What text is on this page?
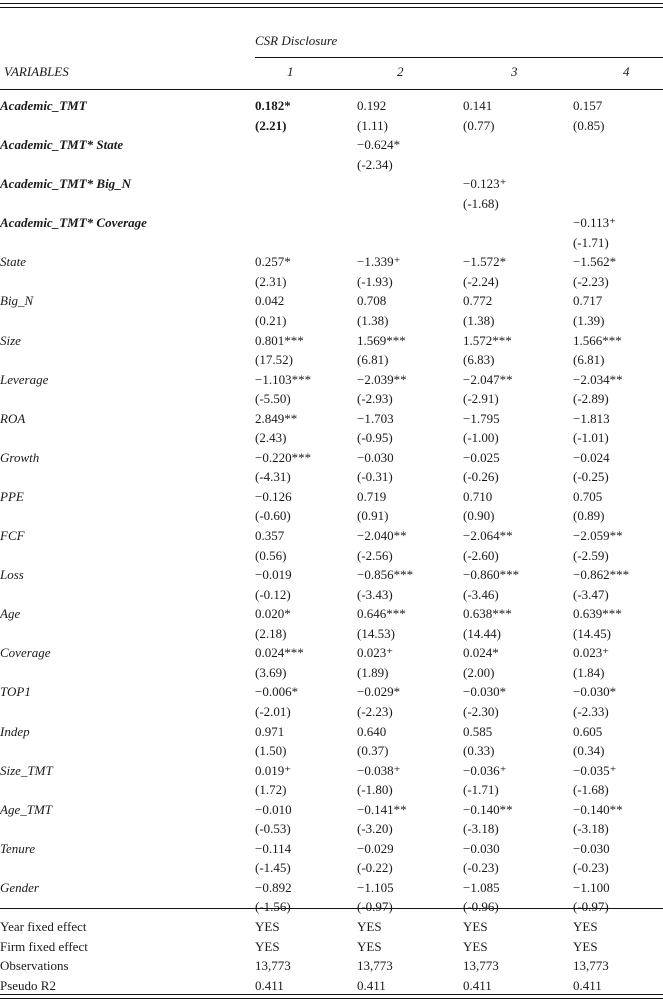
CSR Disclosure
VARIABLES	1	2	3	4
Academic_TMT	0.182*	0.192	0.141	0.157
	(2.21)	(1.11)	(0.77)	(0.85)
Academic_TMT* State		−0.624*		
		(-2.34)		
Academic_TMT* Big_N			−0.123⁺	
			(-1.68)	
Academic_TMT* Coverage				−0.113⁺
				(-1.71)
State	0.257*	−1.339⁺	−1.572*	−1.562*
	(2.31)	(-1.93)	(-2.24)	(-2.23)
Big_N	0.042	0.708	0.772	0.717
	(0.21)	(1.38)	(1.38)	(1.39)
Size	0.801***	1.569***	1.572***	1.566***
	(17.52)	(6.81)	(6.83)	(6.81)
Leverage	−1.103***	−2.039**	−2.047**	−2.034**
	(-5.50)	(-2.93)	(-2.91)	(-2.89)
ROA	2.849**	−1.703	−1.795	−1.813
	(2.43)	(-0.95)	(-1.00)	(-1.01)
Growth	−0.220***	−0.030	−0.025	−0.024
	(-4.31)	(-0.31)	(-0.26)	(-0.25)
PPE	−0.126	0.719	0.710	0.705
	(-0.60)	(0.91)	(0.90)	(0.89)
FCF	0.357	−2.040**	−2.064**	−2.059**
	(0.56)	(-2.56)	(-2.60)	(-2.59)
Loss	−0.019	−0.856***	−0.860***	−0.862***
	(-0.12)	(-3.43)	(-3.46)	(-3.47)
Age	0.020*	0.646***	0.638***	0.639***
	(2.18)	(14.53)	(14.44)	(14.45)
Coverage	0.024***	0.023⁺	0.024*	0.023⁺
	(3.69)	(1.89)	(2.00)	(1.84)
TOP1	−0.006*	−0.029*	−0.030*	−0.030*
	(-2.01)	(-2.23)	(-2.30)	(-2.33)
Indep	0.971	0.640	0.585	0.605
	(1.50)	(0.37)	(0.33)	(0.34)
Size_TMT	0.019⁺	−0.038⁺	−0.036⁺	−0.035⁺
	(1.72)	(-1.80)	(-1.71)	(-1.68)
Age_TMT	−0.010	−0.141**	−0.140**	−0.140**
	(-0.53)	(-3.20)	(-3.18)	(-3.18)
Tenure	−0.114	−0.029	−0.030	−0.030
	(-1.45)	(-0.22)	(-0.23)	(-0.23)
Gender	−0.892	−1.105	−1.085	−1.100
	(-1.56)	(-0.97)	(-0.96)	(-0.97)
Year fixed effect	YES	YES	YES	YES
Firm fixed effect	YES	YES	YES	YES
Observations	13,773	13,773	13,773	13,773
Pseudo R2	0.411	0.411	0.411	0.411
